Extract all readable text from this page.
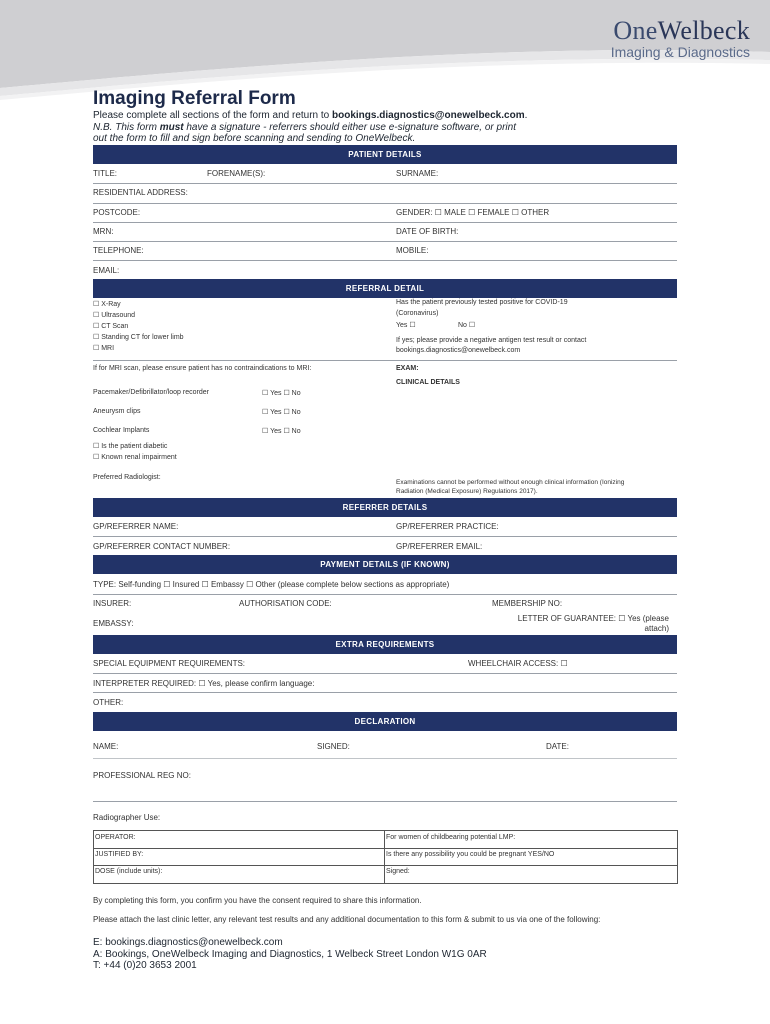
OneWelbeck
Imaging & Diagnostics
Imaging Referral Form
Please complete all sections of the form and return to bookings.diagnostics@onewelbeck.com.
N.B. This form must have a signature - referrers should either use e-signature software, or print
out the form to fill and sign before scanning and sending to OneWelbeck.
PATIENT DETAILS
TITLE:	FORENAME(S):	SURNAME:
RESIDENTIAL ADDRESS:
POSTCODE:	GENDER: ☐ MALE ☐ FEMALE ☐ OTHER
MRN:	DATE OF BIRTH:
TELEPHONE:	MOBILE:
EMAIL:
REFERRAL DETAIL
☐ X-Ray
☐ Ultrasound
☐ CT Scan
☐ Standing CT for lower limb
☐ MRI
Has the patient previously tested positive for COVID-19
(Coronavirus)
Yes ☐	No ☐
If yes; please provide a negative antigen test result or contact
bookings.diagnostics@onewelbeck.com
If for MRI scan, please ensure patient has no contraindications to MRI:	EXAM:
CLINICAL DETAILS
Pacemaker/Defibrillator/loop recorder	☐ Yes ☐ No
Aneurysm clips	☐ Yes ☐ No
Cochlear Implants	☐ Yes ☐ No
☐ Is the patient diabetic
☐ Known renal impairment
Preferred Radiologist:
Examinations cannot be performed without enough clinical information (Ionizing
Radiation (Medical Exposure) Regulations 2017).
REFERRER DETAILS
GP/REFERRER NAME:	GP/REFERRER PRACTICE:
GP/REFERRER CONTACT NUMBER:	GP/REFERRER EMAIL:
PAYMENT DETAILS (IF KNOWN)
TYPE: Self-funding ☐ Insured ☐ Embassy ☐ Other (please complete below sections as appropriate)
INSURER:	AUTHORISATION CODE:	MEMBERSHIP NO:
EMBASSY:
LETTER OF GUARANTEE: ☐ Yes (please
attach)
EXTRA REQUIREMENTS
SPECIAL EQUIPMENT REQUIREMENTS:	WHEELCHAIR ACCESS: ☐
INTERPRETER REQUIRED: ☐ Yes, please confirm language:
OTHER:
DECLARATION
NAME:	SIGNED:	DATE:
PROFESSIONAL REG NO:
Radiographer Use:
OPERATOR:	For women of childbearing potential LMP:
JUSTIFIED BY:	Is there any possibility you could be pregnant YES/NO
DOSE (include units):	Signed:
By completing this form, you confirm you have the consent required to share this information.
Please attach the last clinic letter, any relevant test results and any additional documentation to this form & submit to us via one of the following:
E: bookings.diagnostics@onewelbeck.com
A: Bookings, OneWelbeck Imaging and Diagnostics, 1 Welbeck Street London W1G 0AR
T: +44 (0)20 3653 2001
